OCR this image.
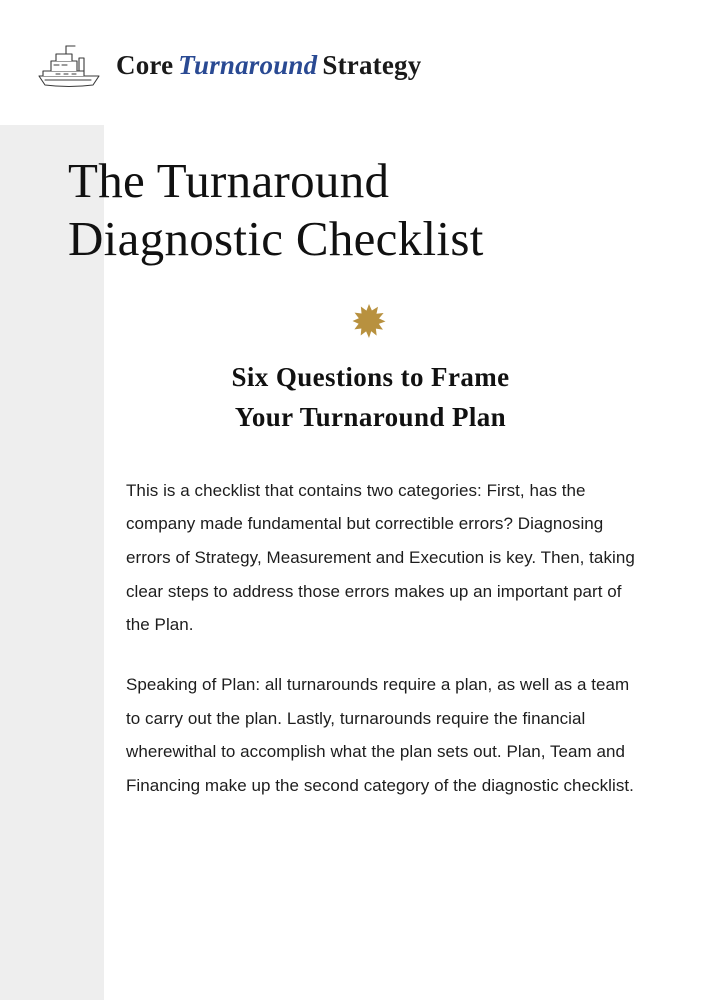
Core Turnaround Strategy
The Turnaround
Diagnostic Checklist
Six Questions to Frame
Your Turnaround Plan

This is a checklist that contains two categories: First, has the company made fundamental but correctible errors? Diagnosing errors of Strategy, Measurement and Execution is key. Then, taking clear steps to address those errors makes up an important part of the Plan.

Speaking of Plan: all turnarounds require a plan, as well as a team to carry out the plan. Lastly, turnarounds require the financial wherewithal to accomplish what the plan sets out. Plan, Team and Financing make up the second category of the diagnostic checklist.
